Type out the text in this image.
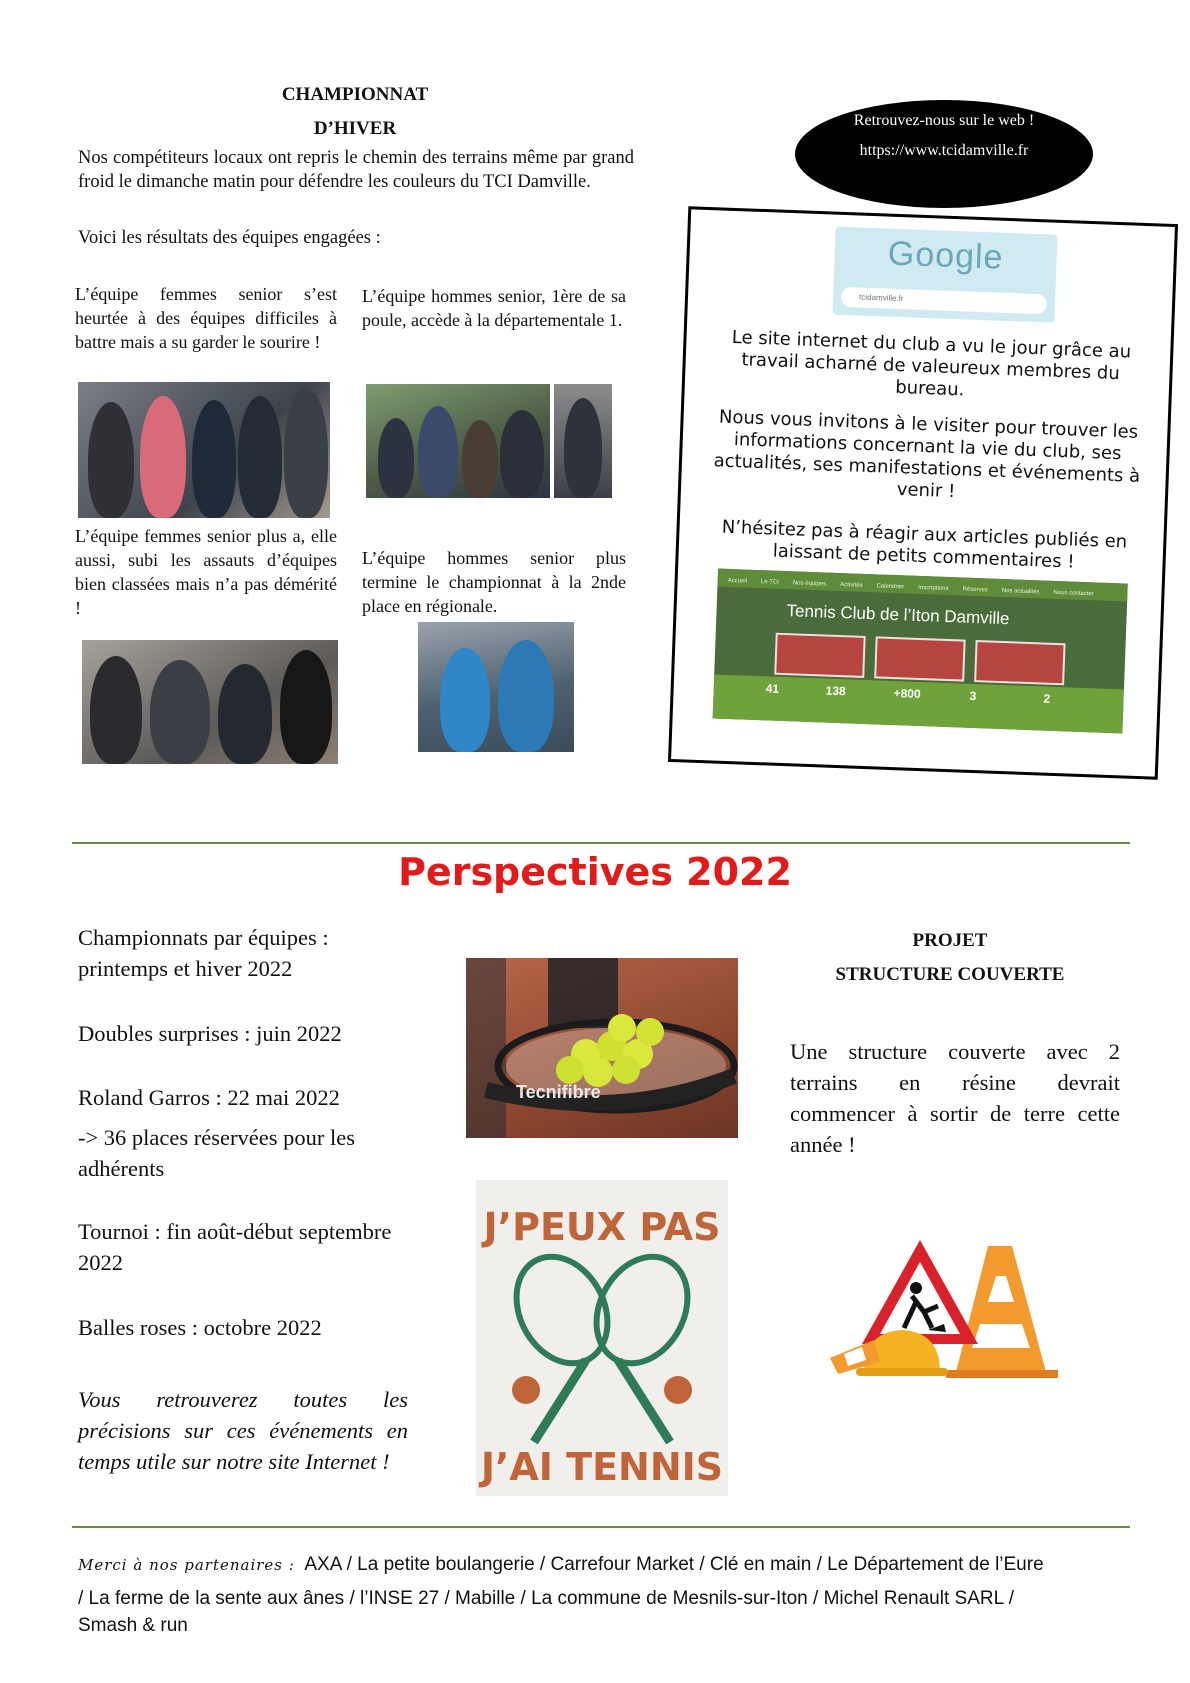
CHAMPIONNAT
D’HIVER

Nos compétiteurs locaux ont repris le chemin des terrains même par grand froid le dimanche matin pour défendre les couleurs du TCI Damville.

Voici les résultats des équipes engagées :

L’équipe femmes senior s’est heurtée à des équipes difficiles à battre mais a su garder le sourire !

L’équipe hommes senior, 1ère de sa poule, accède à la départementale 1.

L’équipe femmes senior plus a, elle aussi, subi les assauts d’équipes bien classées mais n’a pas démérité !

L’équipe hommes senior plus termine le championnat à la 2nde place en régionale.

Retrouvez-nous sur le web !
https://www.tcidamville.fr
Google
tcidamville.fr

Le site internet du club a vu le jour grâce au travail acharné de valeureux membres du bureau.

Nous vous invitons à le visiter pour trouver les informations concernant la vie du club, ses actualités, ses manifestations et événements à venir !

N’hésitez pas à réagir aux articles publiés en laissant de petits commentaires !

Accueil Le TCI Nos équipes Activités Calendrier Inscriptions Réservez Nos actualités Nous contacter
Tennis Club de l’Iton Damville
41	138	+800	3	2
Perspectives 2022

Championnats par équipes : printemps et hiver 2022

Doubles surprises : juin 2022

Roland Garros : 22 mai 2022

-> 36 places réservées pour les adhérents

Tournoi : fin août-début septembre 2022

Balles roses : octobre 2022

Vous retrouverez toutes les précisions sur ces événements en temps utile sur notre site Internet !

Tecnifibre
J’PEUX PAS
J’AI TENNIS
PROJET
STRUCTURE COUVERTE

Une structure couverte avec 2 terrains en résine devrait commencer à sortir de terre cette année !

Merci à nos partenaires : AXA / La petite boulangerie / Carrefour Market / Clé en main / Le Département de l’Eure
/ La ferme de la sente aux ânes / l’INSE 27 / Mabille / La commune de Mesnils-sur-Iton / Michel Renault SARL /
Smash & run
